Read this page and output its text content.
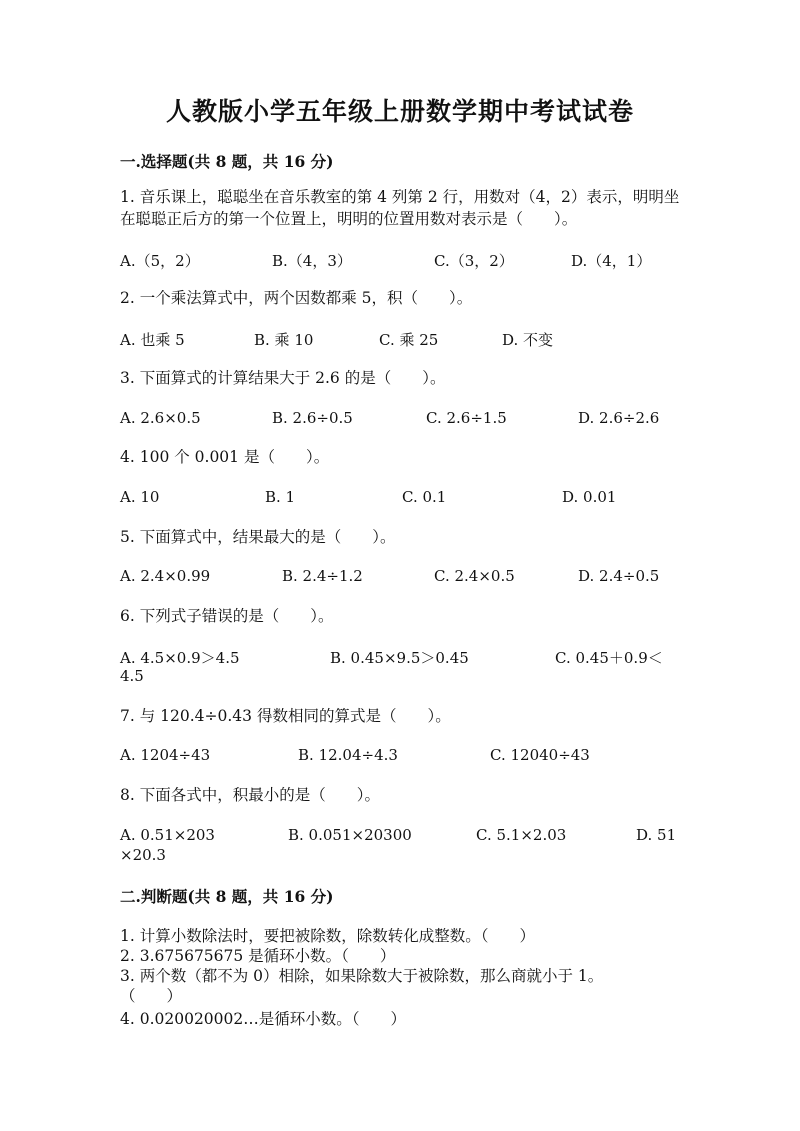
人教版小学五年级上册数学期中考试试卷
一.选择题(共 8 题，共 16 分)
1. 音乐课上，聪聪坐在音乐教室的第 4 列第 2 行，用数对（4，2）表示，明明坐在聪聪正后方的第一个位置上，明明的位置用数对表示是（　　）。
A.（5，2）	B.（4，3）	C.（3，2）	D.（4，1）
2. 一个乘法算式中，两个因数都乘 5，积（　　）。
A. 也乘 5	B. 乘 10	C. 乘 25	D. 不变
3. 下面算式的计算结果大于 2.6 的是（　　）。
A. 2.6×0.5	B. 2.6÷0.5	C. 2.6÷1.5	D. 2.6÷2.6
4. 100 个 0.001 是（　　）。
A. 10	B. 1	C. 0.1	D. 0.01
5. 下面算式中，结果最大的是（　　）。
A. 2.4×0.99	B. 2.4÷1.2	C. 2.4×0.5	D. 2.4÷0.5
6. 下列式子错误的是（　　）。
A. 4.5×0.9＞4.5	B. 0.45×9.5＞0.45	C. 0.45＋0.9＜
4.5
7. 与 120.4÷0.43 得数相同的算式是（　　）。
A. 1204÷43	B. 12.04÷4.3	C. 12040÷43
8. 下面各式中，积最小的是（　　）。
A. 0.51×203	B. 0.051×20300	C. 5.1×2.03	D. 51
×20.3
二.判断题(共 8 题，共 16 分)
1. 计算小数除法时，要把被除数，除数转化成整数。（　　）
2. 3.675675675 是循环小数。（　　）
3. 两个数（都不为 0）相除，如果除数大于被除数，那么商就小于 1。
（　　）
4. 0.020020002…是循环小数。（　　）
